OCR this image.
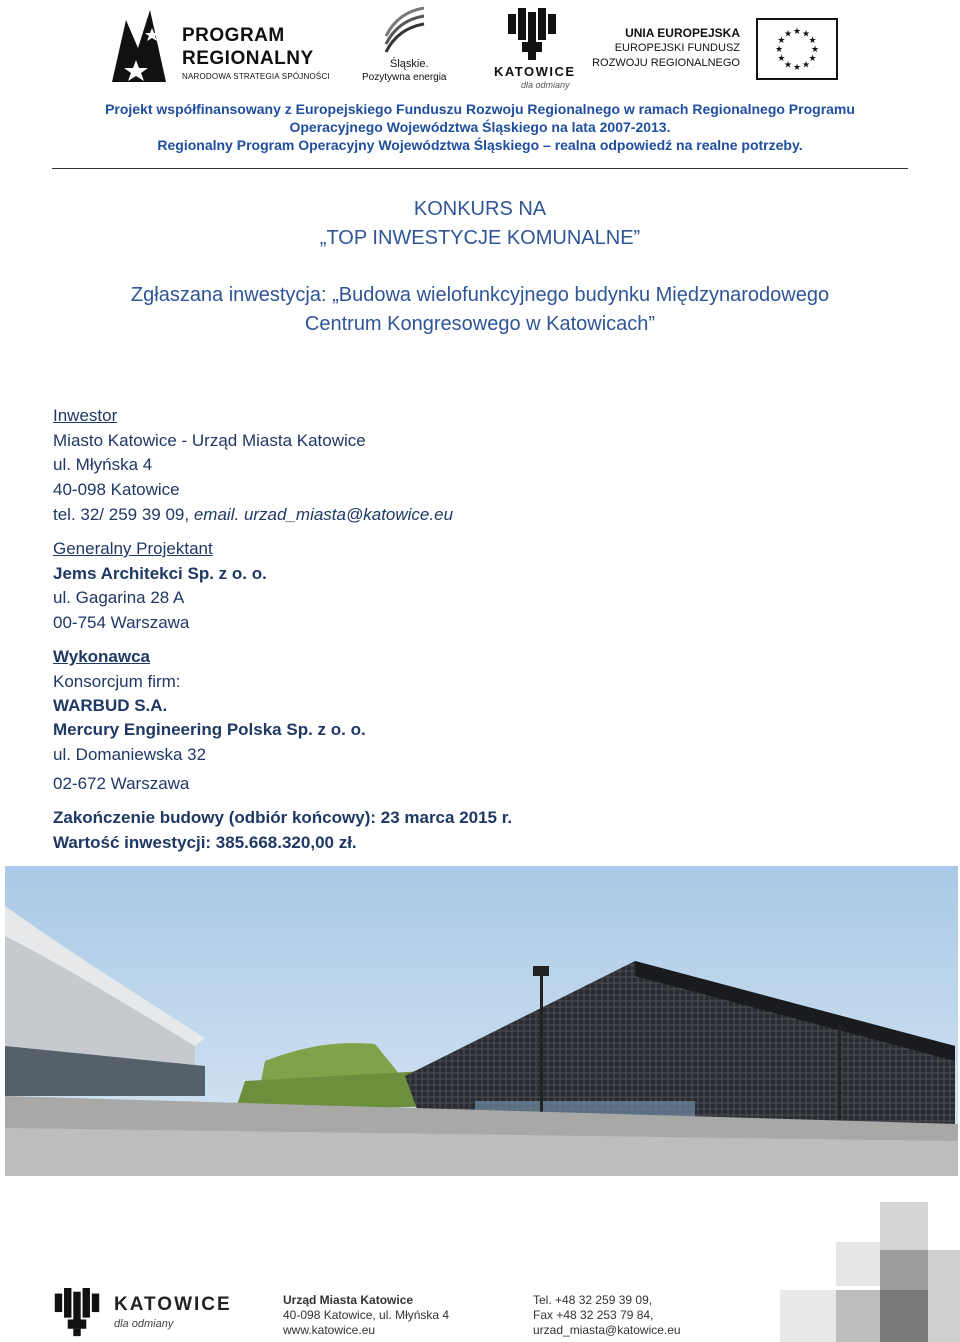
PROGRAM
REGIONALNY
NARODOWA STRATEGIA SPÓJNOŚCI
Śląskie.
Pozytywna energia	KATOWICE
dla odmiany
UNIA EUROPEJSKA
EUROPEJSKI FUNDUSZ
ROZWOJU REGIONALNEGO
★
★
★
★
★
★
★
★
★ ★ ★
★
Projekt współfinansowany z Europejskiego Funduszu Rozwoju Regionalnego w ramach Regionalnego Programu
Operacyjnego Województwa Śląskiego na lata 2007-2013.
Regionalny Program Operacyjny Województwa Śląskiego – realna odpowiedź na realne potrzeby.
KONKURS NA
„TOP INWESTYCJE KOMUNALNE”
Zgłaszana inwestycja: „Budowa wielofunkcyjnego budynku Międzynarodowego
Centrum Kongresowego w Katowicach”
Inwestor
Miasto Katowice - Urząd Miasta Katowice
ul. Młyńska 4
40-098 Katowice
tel. 32/ 259 39 09, email. urzad_miasta@katowice.eu
Generalny Projektant
Jems Architekci Sp. z o. o.
ul. Gagarina 28 A
00-754 Warszawa
Wykonawca
Konsorcjum firm:
WARBUD S.A.
Mercury Engineering Polska Sp. z o. o.
ul. Domaniewska 32
02-672 Warszawa
Zakończenie budowy (odbiór końcowy): 23 marca 2015 r.
Wartość inwestycji: 385.668.320,00 zł.
KATOWICE
dla odmiany
Urząd Miasta Katowice
40-098 Katowice, ul. Młyńska 4
www.katowice.eu
Tel. +48 32 259 39 09,
Fax +48 32 253 79 84,
urzad_miasta@katowice.eu
